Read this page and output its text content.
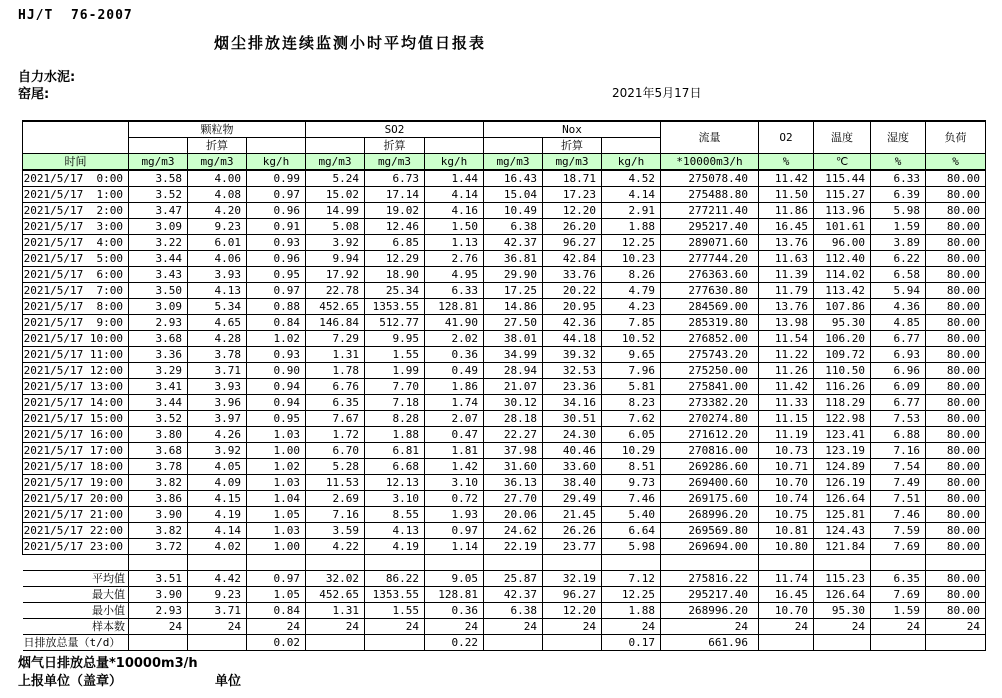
HJ/T  76-2007
烟尘排放连续监测小时平均值日报表
自力水泥:
窑尾:	2021年5月17日
	颗粒物			SO2			Nox			流量	O2	温度	湿度	负荷
		折算			折算			折算						
时间	mg/m3	mg/m3	kg/h	mg/m3	mg/m3	kg/h	mg/m3	mg/m3	kg/h	*10000m3/h	%	℃	%	%
2021/5/17  0:00	3.58	4.00	0.99	5.24	6.73	1.44	16.43	18.71	4.52	275078.40	11.42	115.44	6.33	80.00
2021/5/17  1:00	3.52	4.08	0.97	15.02	17.14	4.14	15.04	17.23	4.14	275488.80	11.50	115.27	6.39	80.00
2021/5/17  2:00	3.47	4.20	0.96	14.99	19.02	4.16	10.49	12.20	2.91	277211.40	11.86	113.96	5.98	80.00
2021/5/17  3:00	3.09	9.23	0.91	5.08	12.46	1.50	6.38	26.20	1.88	295217.40	16.45	101.61	1.59	80.00
2021/5/17  4:00	3.22	6.01	0.93	3.92	6.85	1.13	42.37	96.27	12.25	289071.60	13.76	96.00	3.89	80.00
2021/5/17  5:00	3.44	4.06	0.96	9.94	12.29	2.76	36.81	42.84	10.23	277744.20	11.63	112.40	6.22	80.00
2021/5/17  6:00	3.43	3.93	0.95	17.92	18.90	4.95	29.90	33.76	8.26	276363.60	11.39	114.02	6.58	80.00
2021/5/17  7:00	3.50	4.13	0.97	22.78	25.34	6.33	17.25	20.22	4.79	277630.80	11.79	113.42	5.94	80.00
2021/5/17  8:00	3.09	5.34	0.88	452.65	1353.55	128.81	14.86	20.95	4.23	284569.00	13.76	107.86	4.36	80.00
2021/5/17  9:00	2.93	4.65	0.84	146.84	512.77	41.90	27.50	42.36	7.85	285319.80	13.98	95.30	4.85	80.00
2021/5/17 10:00	3.68	4.28	1.02	7.29	9.95	2.02	38.01	44.18	10.52	276852.00	11.54	106.20	6.77	80.00
2021/5/17 11:00	3.36	3.78	0.93	1.31	1.55	0.36	34.99	39.32	9.65	275743.20	11.22	109.72	6.93	80.00
2021/5/17 12:00	3.29	3.71	0.90	1.78	1.99	0.49	28.94	32.53	7.96	275250.00	11.26	110.50	6.96	80.00
2021/5/17 13:00	3.41	3.93	0.94	6.76	7.70	1.86	21.07	23.36	5.81	275841.00	11.42	116.26	6.09	80.00
2021/5/17 14:00	3.44	3.96	0.94	6.35	7.18	1.74	30.12	34.16	8.23	273382.20	11.33	118.29	6.77	80.00
2021/5/17 15:00	3.52	3.97	0.95	7.67	8.28	2.07	28.18	30.51	7.62	270274.80	11.15	122.98	7.53	80.00
2021/5/17 16:00	3.80	4.26	1.03	1.72	1.88	0.47	22.27	24.30	6.05	271612.20	11.19	123.41	6.88	80.00
2021/5/17 17:00	3.68	3.92	1.00	6.70	6.81	1.81	37.98	40.46	10.29	270816.00	10.73	123.19	7.16	80.00
2021/5/17 18:00	3.78	4.05	1.02	5.28	6.68	1.42	31.60	33.60	8.51	269286.60	10.71	124.89	7.54	80.00
2021/5/17 19:00	3.82	4.09	1.03	11.53	12.13	3.10	36.13	38.40	9.73	269400.60	10.70	126.19	7.49	80.00
2021/5/17 20:00	3.86	4.15	1.04	2.69	3.10	0.72	27.70	29.49	7.46	269175.60	10.74	126.64	7.51	80.00
2021/5/17 21:00	3.90	4.19	1.05	7.16	8.55	1.93	20.06	21.45	5.40	268996.20	10.75	125.81	7.46	80.00
2021/5/17 22:00	3.82	4.14	1.03	3.59	4.13	0.97	24.62	26.26	6.64	269569.80	10.81	124.43	7.59	80.00
2021/5/17 23:00	3.72	4.02	1.00	4.22	4.19	1.14	22.19	23.77	5.98	269694.00	10.80	121.84	7.69	80.00

平均值	3.51	4.42	0.97	32.02	86.22	9.05	25.87	32.19	7.12	275816.22	11.74	115.23	6.35	80.00
最大值	3.90	9.23	1.05	452.65	1353.55	128.81	42.37	96.27	12.25	295217.40	16.45	126.64	7.69	80.00
最小值	2.93	3.71	0.84	1.31	1.55	0.36	6.38	12.20	1.88	268996.20	10.70	95.30	1.59	80.00
样本数	24	24	24	24	24	24	24	24	24	24	24	24	24	24
日排放总量（t/d）			0.02			0.22			0.17	661.96				
烟气日排放总量*10000m3/h
上报单位（盖章）	单位
